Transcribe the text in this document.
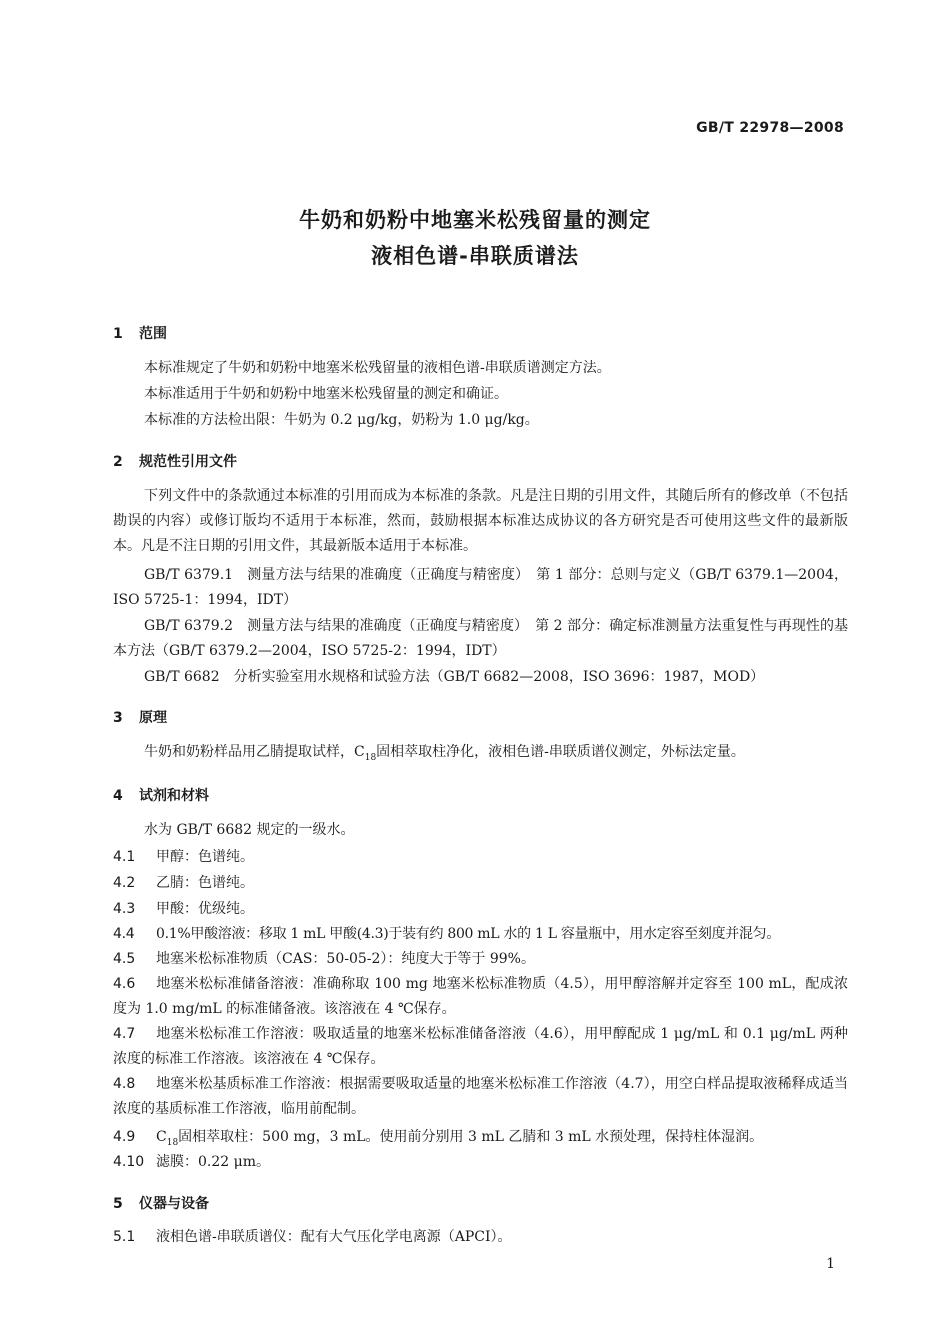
GB/T 22978—2008
牛奶和奶粉中地塞米松残留量的测定
液相色谱-串联质谱法
1 范围
本标准规定了牛奶和奶粉中地塞米松残留量的液相色谱-串联质谱测定方法。
本标准适用于牛奶和奶粉中地塞米松残留量的测定和确证。
本标准的方法检出限：牛奶为 0.2 μg/kg，奶粉为 1.0 μg/kg。
2 规范性引用文件
下列文件中的条款通过本标准的引用而成为本标准的条款。凡是注日期的引用文件，其随后所有的修改单（不包括勘误的内容）或修订版均不适用于本标准，然而，鼓励根据本标准达成协议的各方研究是否可使用这些文件的最新版本。凡是不注日期的引用文件，其最新版本适用于本标准。
GB/T 6379.1　测量方法与结果的准确度（正确度与精密度）　第 1 部分：总则与定义（GB/T 6379.1—2004，ISO 5725-1：1994，IDT）
GB/T 6379.2　测量方法与结果的准确度（正确度与精密度）　第 2 部分：确定标准测量方法重复性与再现性的基本方法（GB/T 6379.2—2004，ISO 5725-2：1994，IDT）
GB/T 6682　分析实验室用水规格和试验方法（GB/T 6682—2008，ISO 3696：1987，MOD）
3 原理
牛奶和奶粉样品用乙腈提取试样，$C_{18}$固相萃取柱净化，液相色谱-串联质谱仪测定，外标法定量。
4 试剂和材料
水为 GB/T 6682 规定的一级水。
4.1 甲醇：色谱纯。
4.2 乙腈：色谱纯。
4.3 甲酸：优级纯。
4.4 0.1%甲酸溶液：移取 1 mL 甲酸(4.3)于装有约 800 mL 水的 1 L 容量瓶中，用水定容至刻度并混匀。
4.5 地塞米松标准物质（CAS：50-05-2）：纯度大于等于 99%。
4.6 地塞米松标准储备溶液：准确称取 100 mg 地塞米松标准物质（4.5），用甲醇溶解并定容至 100 mL，配成浓度为 1.0 mg/mL 的标准储备液。该溶液在 4 ℃保存。
4.7 地塞米松标准工作溶液：吸取适量的地塞米松标准储备溶液（4.6），用甲醇配成 1 μg/mL 和 0.1 μg/mL 两种浓度的标准工作溶液。该溶液在 4 ℃保存。
4.8 地塞米松基质标准工作溶液：根据需要吸取适量的地塞米松标准工作溶液（4.7），用空白样品提取液稀释成适当浓度的基质标准工作溶液，临用前配制。
4.9 $C_{18}$固相萃取柱：500 mg，3 mL。使用前分别用 3 mL 乙腈和 3 mL 水预处理，保持柱体湿润。
4.10 滤膜：0.22 μm。
5 仪器与设备
5.1 液相色谱-串联质谱仪：配有大气压化学电离源（APCI）。
1
